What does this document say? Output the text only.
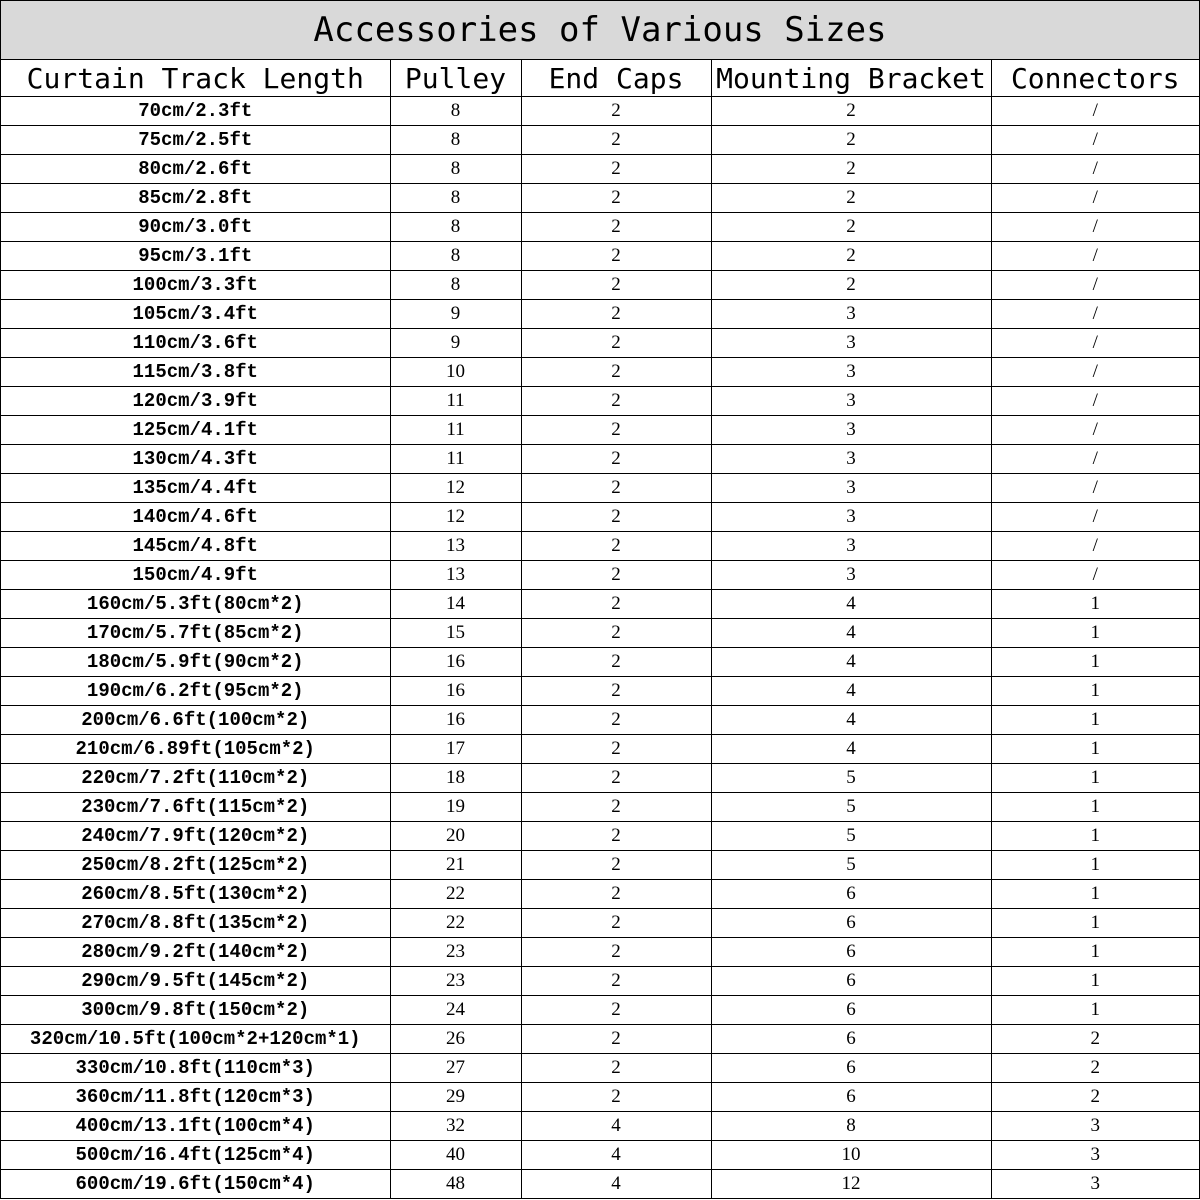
Accessories of Various Sizes
Curtain Track Length	Pulley	End Caps	Mounting Bracket	Connectors
70cm/2.3ft	8	2	2	/
75cm/2.5ft	8	2	2	/
80cm/2.6ft	8	2	2	/
85cm/2.8ft	8	2	2	/
90cm/3.0ft	8	2	2	/
95cm/3.1ft	8	2	2	/
100cm/3.3ft	8	2	2	/
105cm/3.4ft	9	2	3	/
110cm/3.6ft	9	2	3	/
115cm/3.8ft	10	2	3	/
120cm/3.9ft	11	2	3	/
125cm/4.1ft	11	2	3	/
130cm/4.3ft	11	2	3	/
135cm/4.4ft	12	2	3	/
140cm/4.6ft	12	2	3	/
145cm/4.8ft	13	2	3	/
150cm/4.9ft	13	2	3	/
160cm/5.3ft(80cm*2)	14	2	4	1
170cm/5.7ft(85cm*2)	15	2	4	1
180cm/5.9ft(90cm*2)	16	2	4	1
190cm/6.2ft(95cm*2)	16	2	4	1
200cm/6.6ft(100cm*2)	16	2	4	1
210cm/6.89ft(105cm*2)	17	2	4	1
220cm/7.2ft(110cm*2)	18	2	5	1
230cm/7.6ft(115cm*2)	19	2	5	1
240cm/7.9ft(120cm*2)	20	2	5	1
250cm/8.2ft(125cm*2)	21	2	5	1
260cm/8.5ft(130cm*2)	22	2	6	1
270cm/8.8ft(135cm*2)	22	2	6	1
280cm/9.2ft(140cm*2)	23	2	6	1
290cm/9.5ft(145cm*2)	23	2	6	1
300cm/9.8ft(150cm*2)	24	2	6	1
320cm/10.5ft(100cm*2+120cm*1)	26	2	6	2
330cm/10.8ft(110cm*3)	27	2	6	2
360cm/11.8ft(120cm*3)	29	2	6	2
400cm/13.1ft(100cm*4)	32	4	8	3
500cm/16.4ft(125cm*4)	40	4	10	3
600cm/19.6ft(150cm*4)	48	4	12	3
